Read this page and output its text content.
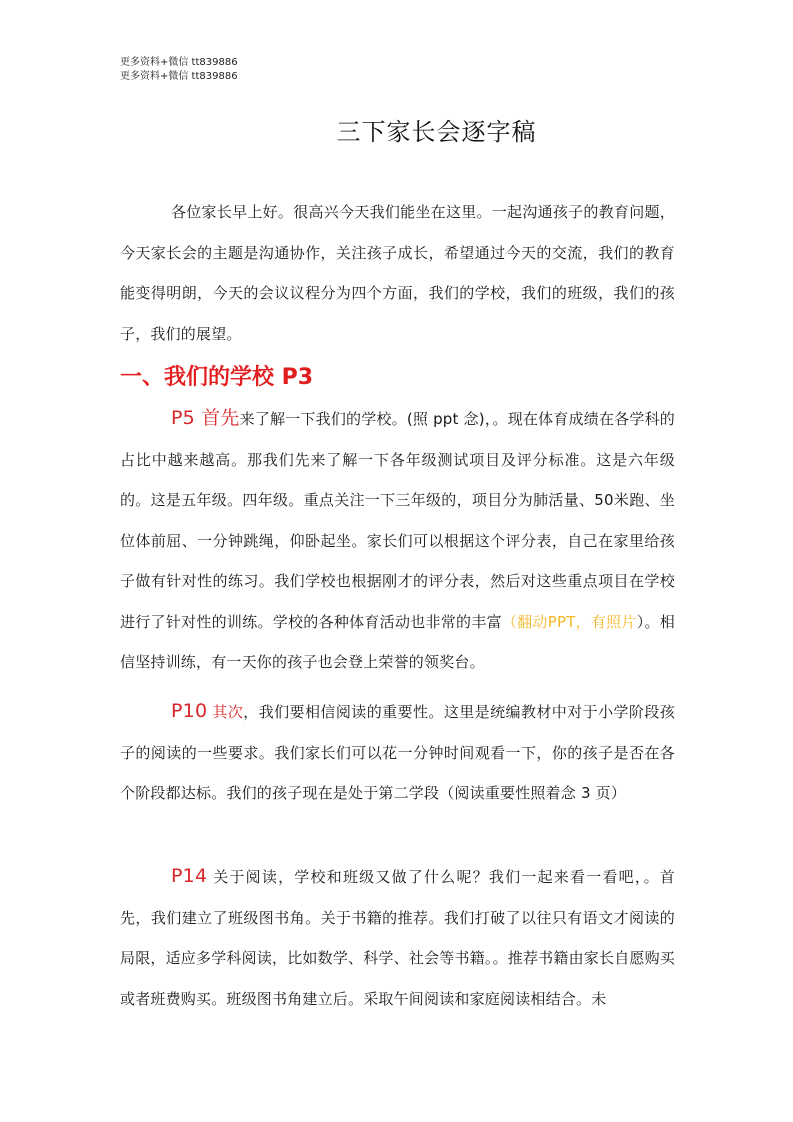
更多资料+微信 tt839886
更多资料+微信 tt839886
三下家长会逐字稿
各位家长早上好。很高兴今天我们能坐在这里。一起沟通孩子的教育问题，今天家长会的主题是沟通协作，关注孩子成长，希望通过今天的交流，我们的教育能变得明朗，今天的会议议程分为四个方面，我们的学校，我们的班级，我们的孩子，我们的展望。
一、我们的学校 P3
P5 首先来了解一下我们的学校。(照 ppt 念)，。现在体育成绩在各学科的占比中越来越高。那我们先来了解一下各年级测试项目及评分标准。这是六年级的。这是五年级。四年级。重点关注一下三年级的，项目分为肺活量、50米跑、坐位体前屈、一分钟跳绳，仰卧起坐。家长们可以根据这个评分表，自己在家里给孩子做有针对性的练习。我们学校也根据刚才的评分表，然后对这些重点项目在学校进行了针对性的训练。学校的各种体育活动也非常的丰富（翻动PPT，有照片）。相信坚持训练，有一天你的孩子也会登上荣誉的领奖台。
P10 其次，我们要相信阅读的重要性。这里是统编教材中对于小学阶段孩子的阅读的一些要求。我们家长们可以花一分钟时间观看一下，你的孩子是否在各个阶段都达标。我们的孩子现在是处于第二学段（阅读重要性照着念 3 页）
P14 关于阅读，学校和班级又做了什么呢？我们一起来看一看吧，。首先，我们建立了班级图书角。关于书籍的推荐。我们打破了以往只有语文才阅读的局限，适应多学科阅读，比如数学、科学、社会等书籍。。推荐书籍由家长自愿购买或者班费购买。班级图书角建立后。采取午间阅读和家庭阅读相结合。未
